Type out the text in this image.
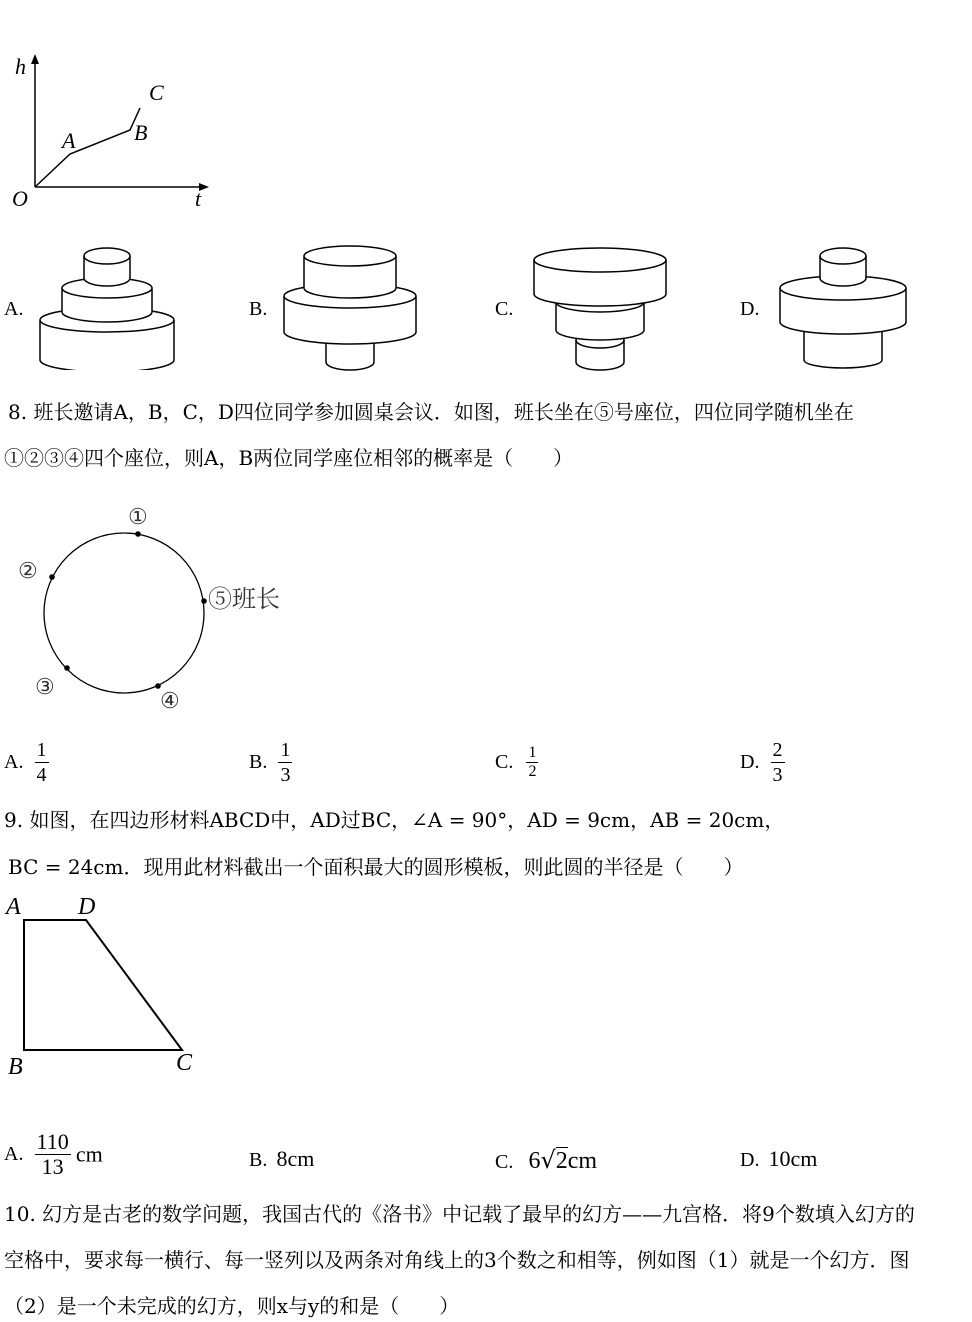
h
t
O
A	B
C
A.	B.	C.	D.
8. 班长邀请A，B，C，D四位同学参加圆桌会议．如图，班长坐在⑤号座位，四位同学随机坐在
①②③④四个座位，则A，B两位同学座位相邻的概率是（　　）
①
②
⑤班长
③
④
A. $\frac{1}{4}$	B. $\frac{1}{3}$	C. $\frac{1}{2}$	D. $\frac{2}{3}$
9. 如图，在四边形材料ABCD中，AD过BC，∠A = 90°，AD = 9cm，AB = 20cm，
BC = 24cm．现用此材料截出一个面积最大的圆形模板，则此圆的半径是（　　）
A D
B	C
A. $\frac{110}{13}$ cm	B. 8cm	C. 6√2cm	D. 10cm
10. 幻方是古老的数学问题，我国古代的《洛书》中记载了最早的幻方——九宫格．将9个数填入幻方的
空格中，要求每一横行、每一竖列以及两条对角线上的3个数之和相等，例如图（1）就是一个幻方．图
（2）是一个未完成的幻方，则x与y的和是（　　）
